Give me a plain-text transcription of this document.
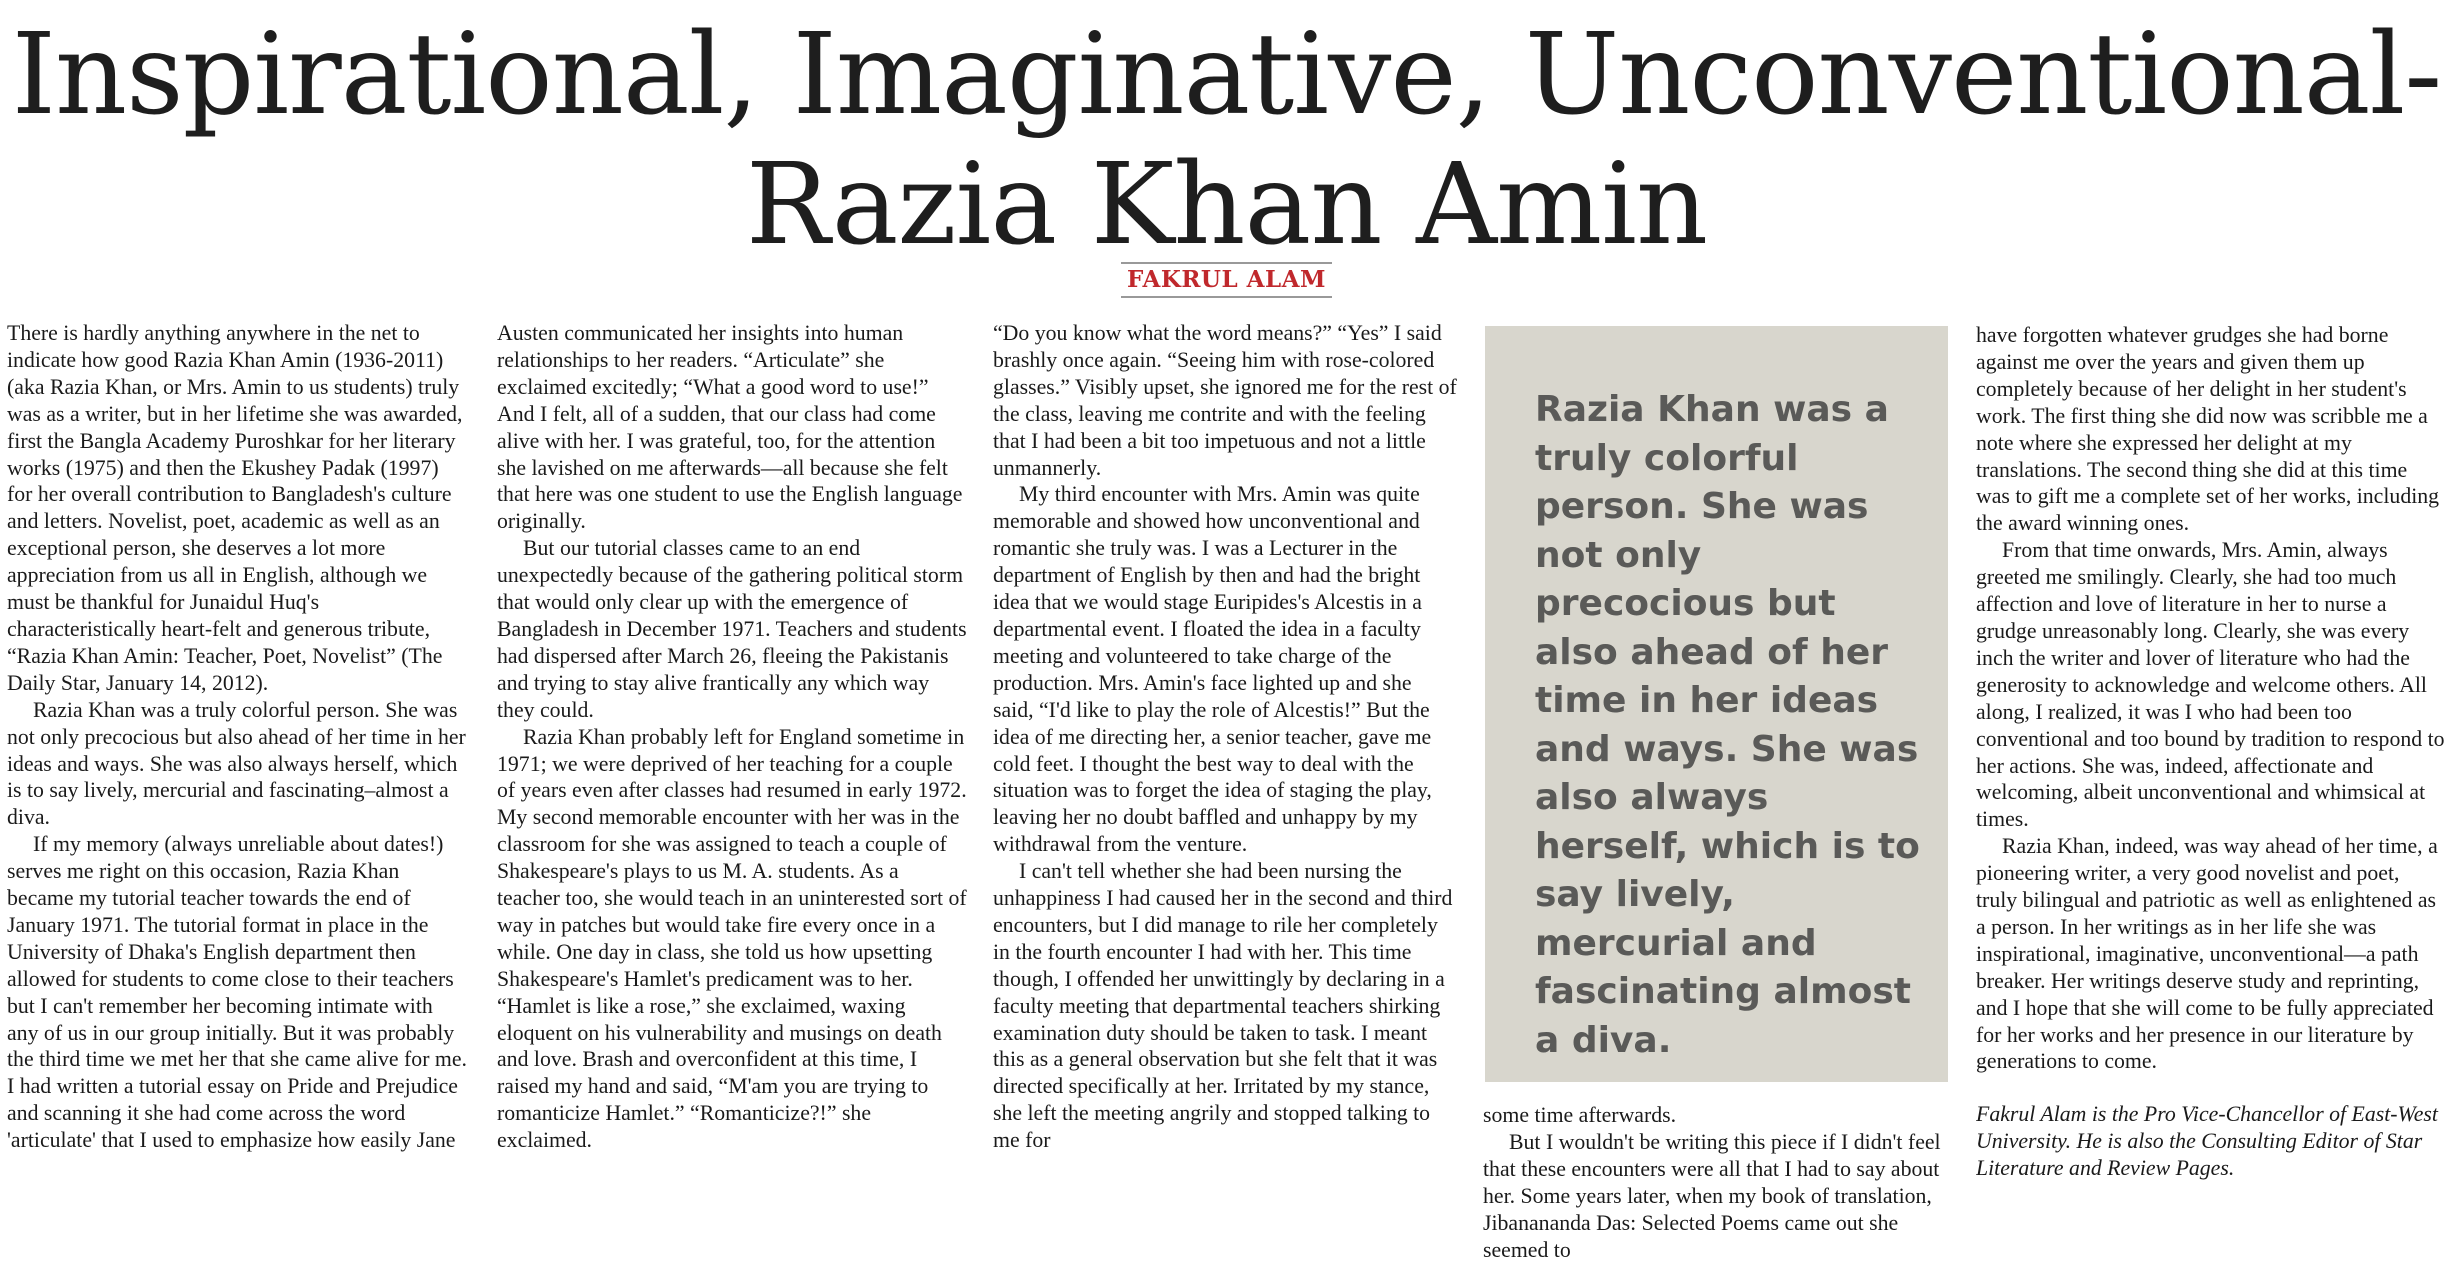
Inspirational, Imaginative, Unconventional-
Razia Khan Amin
FAKRUL ALAM

There is hardly anything anywhere in the net to indicate how good Razia Khan Amin (1936-2011) (aka Razia Khan, or Mrs. Amin to us students) truly was as a writer, but in her lifetime she was awarded, first the Bangla Academy Puroshkar for her literary works (1975) and then the Ekushey Padak (1997) for her overall contribution to Bangladesh's culture and letters. Novelist, poet, academic as well as an exceptional person, she deserves a lot more appreciation from us all in English, although we must be thankful for Junaidul Huq's characteristically heart-felt and generous tribute, “Razia Khan Amin: Teacher, Poet, Novelist” (The Daily Star, January 14, 2012).

Razia Khan was a truly colorful person. She was not only precocious but also ahead of her time in her ideas and ways. She was also always herself, which is to say lively, mercurial and fascinating–almost a diva.

If my memory (always unreliable about dates!) serves me right on this occasion, Razia Khan became my tutorial teacher towards the end of January 1971. The tutorial format in place in the University of Dhaka's English department then allowed for students to come close to their teachers but I can't remember her becoming intimate with any of us in our group initially. But it was probably the third time we met her that she came alive for me. I had written a tutorial essay on Pride and Prejudice and scanning it she had come across the word 'articulate' that I used to emphasize how easily Jane

Austen communicated her insights into human relationships to her readers. “Articulate” she exclaimed excitedly; “What a good word to use!” And I felt, all of a sudden, that our class had come alive with her. I was grateful, too, for the attention she lavished on me afterwards—all because she felt that here was one student to use the English language originally.

But our tutorial classes came to an end unexpectedly because of the gathering political storm that would only clear up with the emergence of Bangladesh in December 1971. Teachers and students had dispersed after March 26, fleeing the Pakistanis and trying to stay alive frantically any which way they could.

Razia Khan probably left for England sometime in 1971; we were deprived of her teaching for a couple of years even after classes had resumed in early 1972. My second memorable encounter with her was in the classroom for she was assigned to teach a couple of Shakespeare's plays to us M. A. students. As a teacher too, she would teach in an uninterested sort of way in patches but would take fire every once in a while. One day in class, she told us how upsetting Shakespeare's Hamlet's predicament was to her. “Hamlet is like a rose,” she exclaimed, waxing eloquent on his vulnerability and musings on death and love. Brash and overconfident at this time, I raised my hand and said, “M'am you are trying to romanticize Hamlet.” “Romanticize?!” she exclaimed.

“Do you know what the word means?” “Yes” I said brashly once again. “Seeing him with rose-colored glasses.” Visibly upset, she ignored me for the rest of the class, leaving me contrite and with the feeling that I had been a bit too impetuous and not a little unmannerly.

My third encounter with Mrs. Amin was quite memorable and showed how unconventional and romantic she truly was. I was a Lecturer in the department of English by then and had the bright idea that we would stage Euripides's Alcestis in a departmental event. I floated the idea in a faculty meeting and volunteered to take charge of the production. Mrs. Amin's face lighted up and she said, “I'd like to play the role of Alcestis!” But the idea of me directing her, a senior teacher, gave me cold feet. I thought the best way to deal with the situation was to forget the idea of staging the play, leaving her no doubt baffled and unhappy by my withdrawal from the venture.

I can't tell whether she had been nursing the unhappiness I had caused her in the second and third encounters, but I did manage to rile her completely in the fourth encounter I had with her. This time though, I offended her unwittingly by declaring in a faculty meeting that departmental teachers shirking examination duty should be taken to task. I meant this as a general observation but she felt that it was directed specifically at her. Irritated by my stance, she left the meeting angrily and stopped talking to me for

Razia Khan was a truly colorful person. She was not only precocious but also ahead of her time in her ideas and ways. She was also always herself, which is to say lively, mercurial and fascinating almost a diva.

some time afterwards.

But I wouldn't be writing this piece if I didn't feel that these encounters were all that I had to say about her. Some years later, when my book of translation, Jibanananda Das: Selected Poems came out she seemed to

have forgotten whatever grudges she had borne against me over the years and given them up completely because of her delight in her student's work. The first thing she did now was scribble me a note where she expressed her delight at my translations. The second thing she did at this time was to gift me a complete set of her works, including the award winning ones.

From that time onwards, Mrs. Amin, always greeted me smilingly. Clearly, she had too much affection and love of literature in her to nurse a grudge unreasonably long. Clearly, she was every inch the writer and lover of literature who had the generosity to acknowledge and welcome others. All along, I realized, it was I who had been too conventional and too bound by tradition to respond to her actions. She was, indeed, affectionate and welcoming, albeit unconventional and whimsical at times.

Razia Khan, indeed, was way ahead of her time, a pioneering writer, a very good novelist and poet, truly bilingual and patriotic as well as enlightened as a person. In her writings as in her life she was inspirational, imaginative, unconventional—a path breaker. Her writings deserve study and reprinting, and I hope that she will come to be fully appreciated for her works and her presence in our literature by generations to come.

Fakrul Alam is the Pro Vice-Chancellor of East-West University. He is also the Consulting Editor of Star Literature and Review Pages.
